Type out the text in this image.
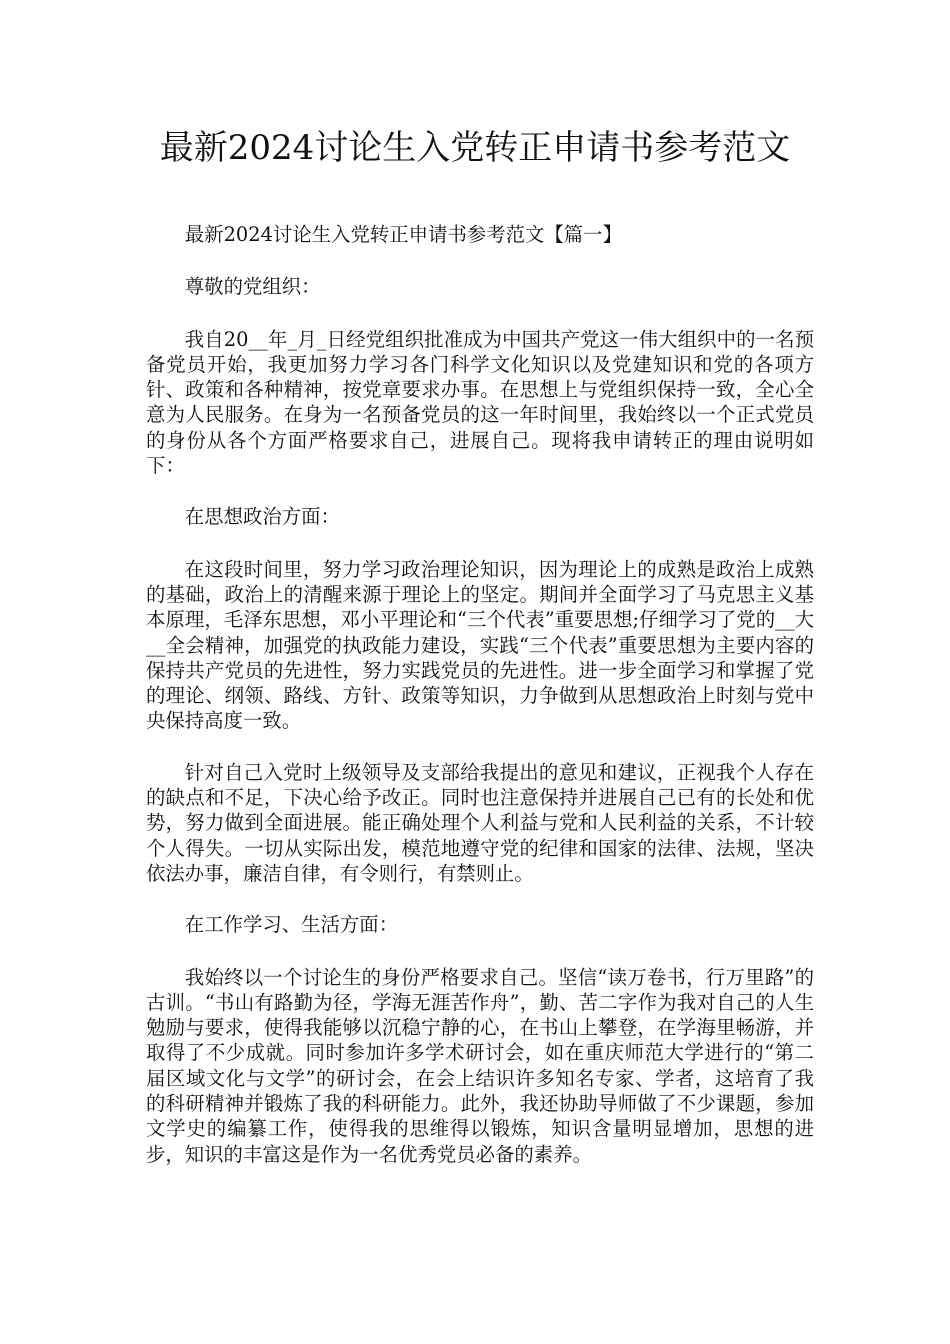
最新2024讨论生入党转正申请书参考范文

最新2024讨论生入党转正申请书参考范文【篇一】

尊敬的党组织：

我自20__年_月_日经党组织批准成为中国共产党这一伟大组织中的一名预备党员开始，我更加努力学习各门科学文化知识以及党建知识和党的各项方针、政策和各种精神，按党章要求办事。在思想上与党组织保持一致，全心全意为人民服务。在身为一名预备党员的这一年时间里，我始终以一个正式党员的身份从各个方面严格要求自己，进展自己。现将我申请转正的理由说明如下：

在思想政治方面：

在这段时间里，努力学习政治理论知识，因为理论上的成熟是政治上成熟的基础，政治上的清醒来源于理论上的坚定。期间并全面学习了马克思主义基本原理，毛泽东思想，邓小平理论和“三个代表”重要思想;仔细学习了党的__大__全会精神，加强党的执政能力建设，实践“三个代表”重要思想为主要内容的保持共产党员的先进性，努力实践党员的先进性。进一步全面学习和掌握了党的理论、纲领、路线、方针、政策等知识，力争做到从思想政治上时刻与党中央保持高度一致。

针对自己入党时上级领导及支部给我提出的意见和建议，正视我个人存在的缺点和不足，下决心给予改正。同时也注意保持并进展自己已有的长处和优势，努力做到全面进展。能正确处理个人利益与党和人民利益的关系，不计较个人得失。一切从实际出发，模范地遵守党的纪律和国家的法律、法规，坚决依法办事，廉洁自律，有令则行，有禁则止。

在工作学习、生活方面：

我始终以一个讨论生的身份严格要求自己。坚信“读万卷书，行万里路”的古训。“书山有路勤为径，学海无涯苦作舟”，勤、苦二字作为我对自己的人生勉励与要求，使得我能够以沉稳宁静的心，在书山上攀登，在学海里畅游，并取得了不少成就。同时参加许多学术研讨会，如在重庆师范大学进行的“第二届区域文化与文学”的研讨会，在会上结识许多知名专家、学者，这培育了我的科研精神并锻炼了我的科研能力。此外，我还协助导师做了不少课题，参加文学史的编纂工作，使得我的思维得以锻炼，知识含量明显增加，思想的进步，知识的丰富这是作为一名优秀党员必备的素养。
